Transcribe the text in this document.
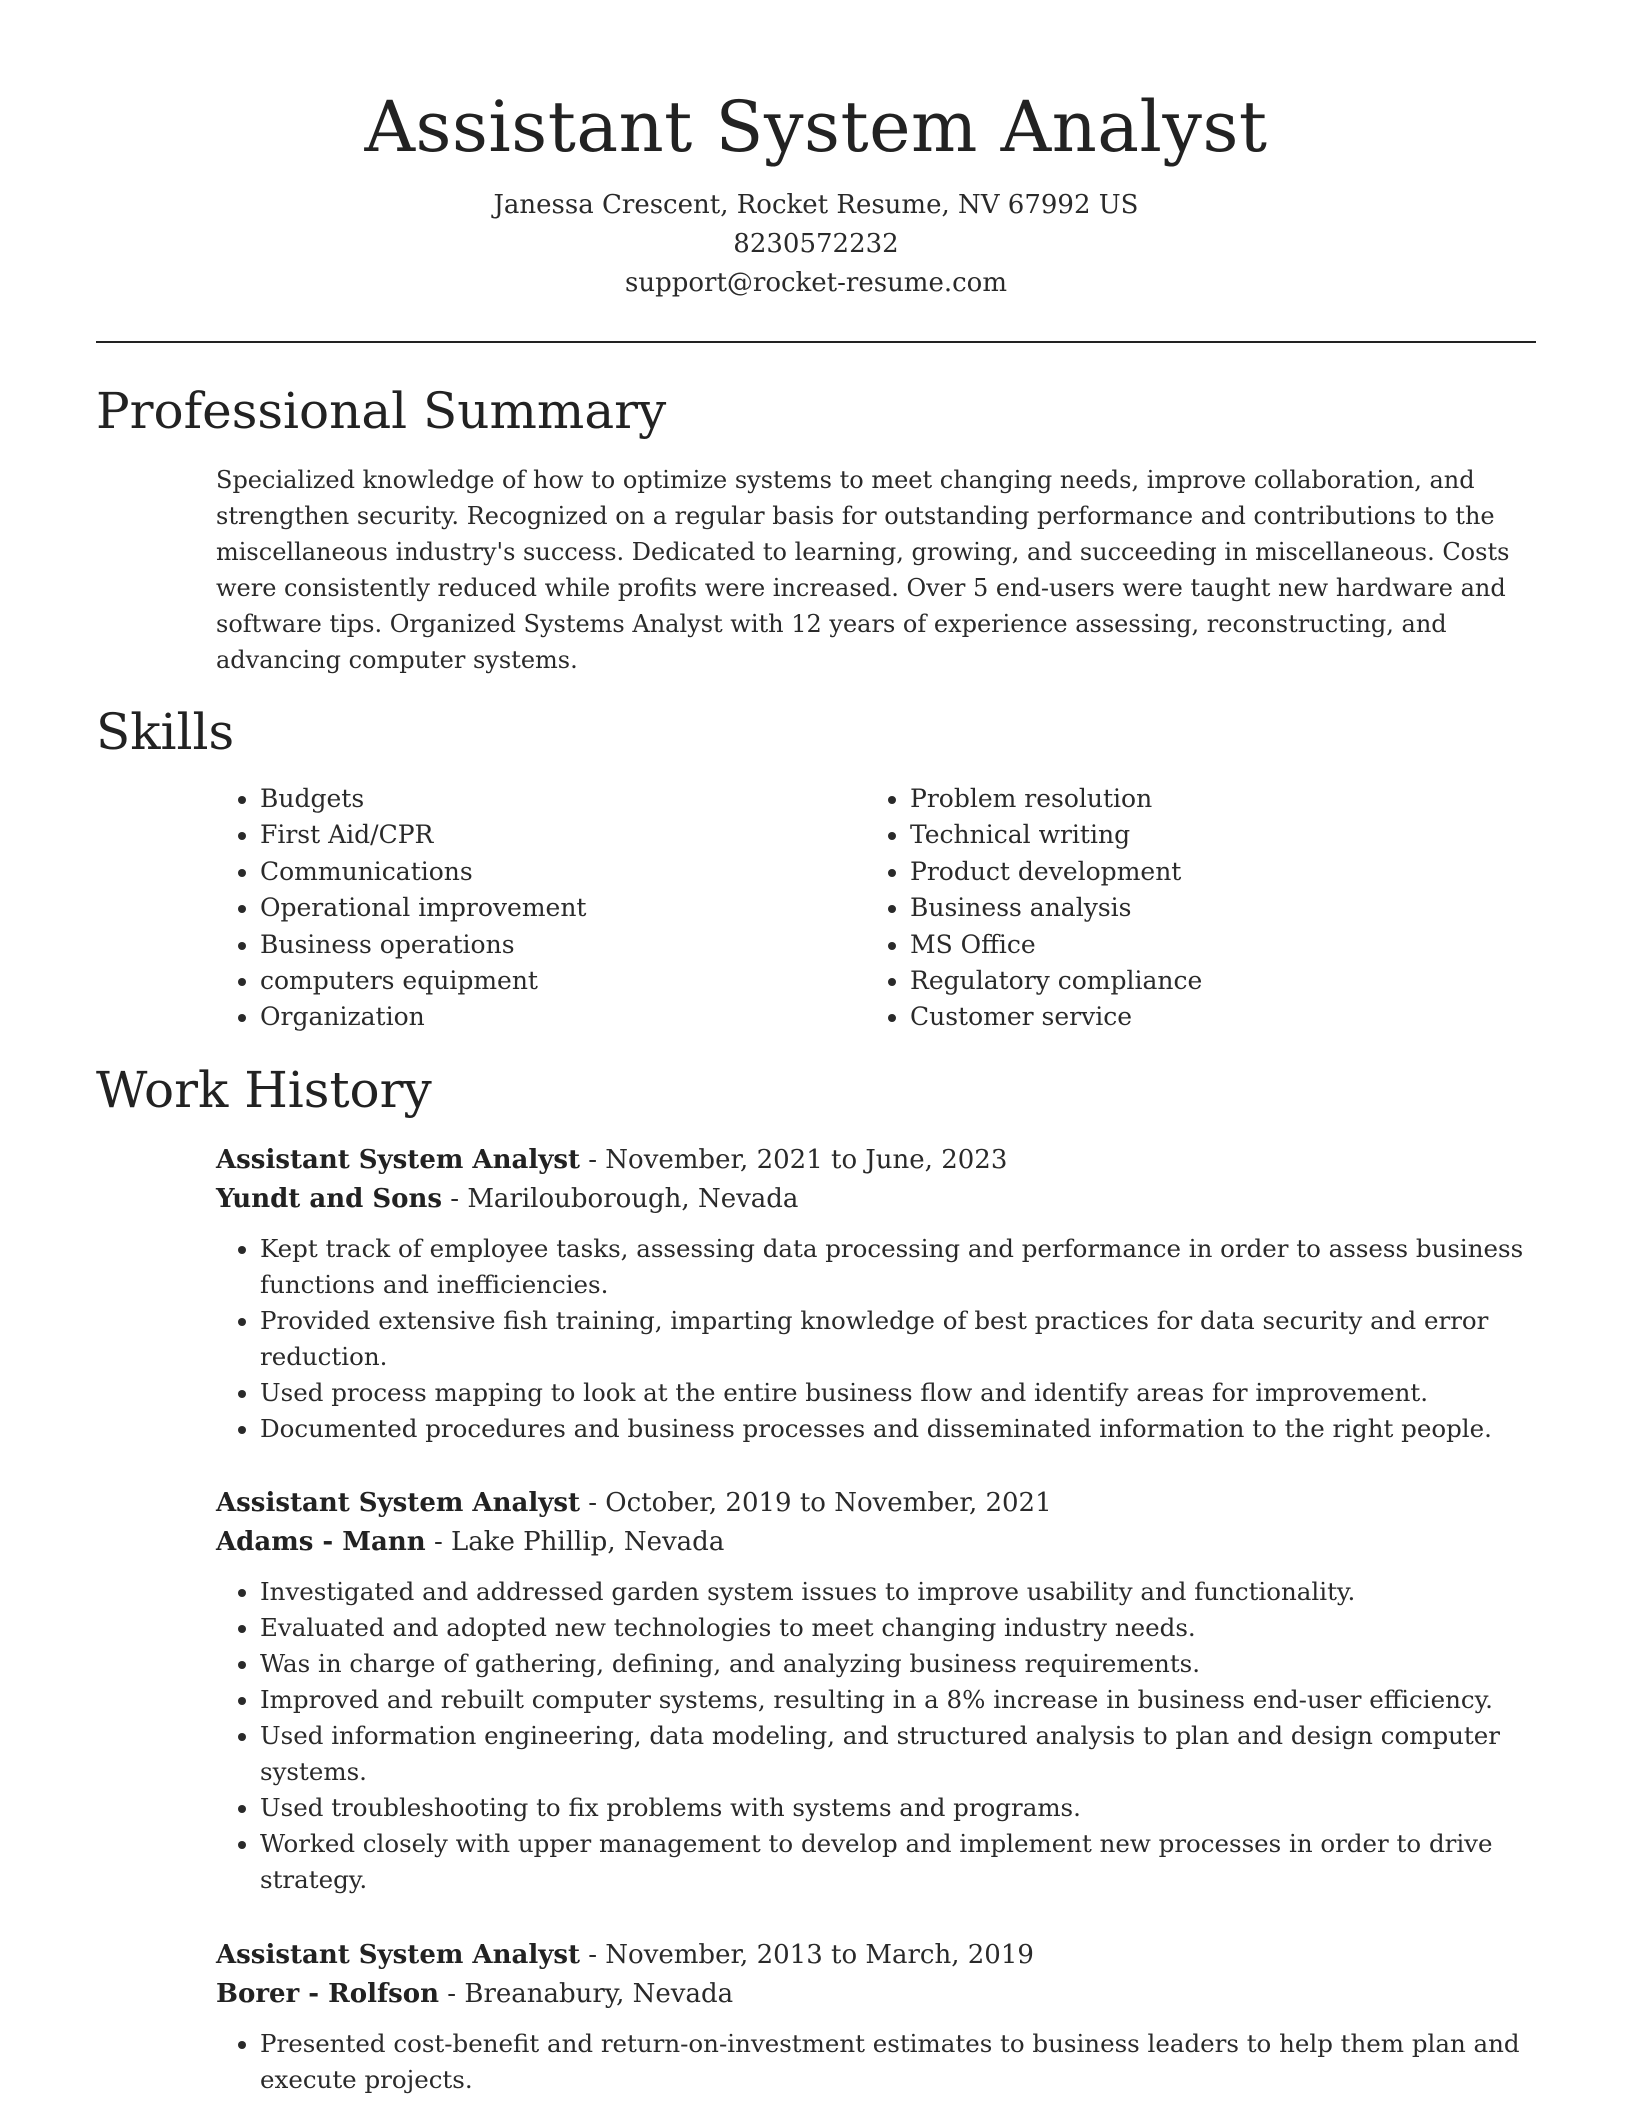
Assistant System Analyst
Janessa Crescent, Rocket Resume, NV 67992 US
8230572232
support@rocket-resume.com
Professional Summary

Specialized knowledge of how to optimize systems to meet changing needs, improve collaboration, and strengthen security. Recognized on a regular basis for outstanding performance and contributions to the miscellaneous industry's success. Dedicated to learning, growing, and succeeding in miscellaneous. Costs were consistently reduced while profits were increased. Over 5 end-users were taught new hardware and software tips. Organized Systems Analyst with 12 years of experience assessing, reconstructing, and advancing computer systems.

Skills
• Budgets
• First Aid/CPR
• Communications
• Operational improvement
• Business operations
• computers equipment
• Organization
• Problem resolution
• Technical writing
• Product development
• Business analysis
• MS Office
• Regulatory compliance
• Customer service
Work History
Assistant System Analyst - November, 2021 to June, 2023
Yundt and Sons - Marilouborough, Nevada
• Kept track of employee tasks, assessing data processing and performance in order to assess business functions and inefficiencies.
• Provided extensive fish training, imparting knowledge of best practices for data security and error reduction.
• Used process mapping to look at the entire business flow and identify areas for improvement.
• Documented procedures and business processes and disseminated information to the right people.
Assistant System Analyst - October, 2019 to November, 2021
Adams - Mann - Lake Phillip, Nevada
• Investigated and addressed garden system issues to improve usability and functionality.
• Evaluated and adopted new technologies to meet changing industry needs.
• Was in charge of gathering, defining, and analyzing business requirements.
• Improved and rebuilt computer systems, resulting in a 8% increase in business end-user efficiency.
• Used information engineering, data modeling, and structured analysis to plan and design computer systems.
• Used troubleshooting to fix problems with systems and programs.
• Worked closely with upper management to develop and implement new processes in order to drive strategy.
Assistant System Analyst - November, 2013 to March, 2019
Borer - Rolfson - Breanabury, Nevada
• Presented cost-benefit and return-on-investment estimates to business leaders to help them plan and execute projects.
